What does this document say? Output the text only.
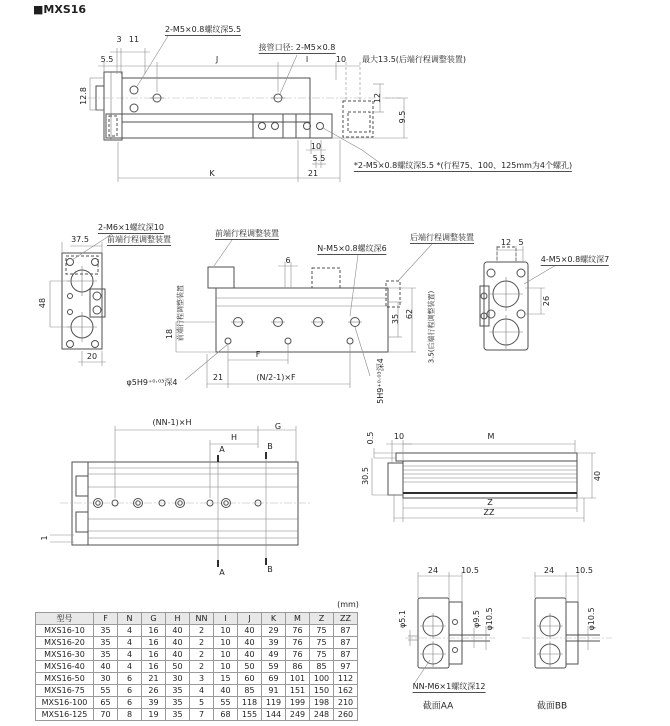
■MXS16
2-M5×0.8螺纹深5.5
3 11
5.5	J
接管口径: 2-M5×0.8
I	10 最大13.5(后端行程调整装置)
12.8	12
9.5
10
5.5
K	21
*2-M5×0.8螺纹深5.5 *(行程75、100、125mm为4个螺孔)
2-M6×1螺纹深10
前端行程调整装置
37.5
48
20
前端行程调整装置
N-M5×0.8螺纹深6
后端行程调整装置
6
前端行程调整装置
18
35 62 3.5(后端行程调整装置)
F
21	(N/2-1)×F
φ5H9⁺⁰·⁰³深4	5H9⁺⁰·⁰³深4
12 5
4-M5×0.8螺纹深7
26
(NN-1)×H	G
H
A	B
A	B
1
0.5 10	M
30.5	40
Z
ZZ
24	10.5
φ5.1	φ9.5 φ10.5
NN-M6×1螺纹深12
截面AA
24	10.5
φ10.5
截面BB
(mm)
型号	F	N	G	H	NN	I	J	K	M	Z	ZZ
MXS16-10	35	4	16	40	2	10	40	29	76	75	87
MXS16-20	35	4	16	40	2	10	40	39	76	75	87
MXS16-30	35	4	16	40	2	10	40	49	76	75	87
MXS16-40	40	4	16	50	2	10	50	59	86	85	97
MXS16-50	30	6	21	30	3	15	60	69	101	100	112
MXS16-75	55	6	26	35	4	40	85	91	151	150	162
MXS16-100	65	6	39	35	5	55	118	119	199	198	210
MXS16-125	70	8	19	35	7	68	155	144	249	248	260
